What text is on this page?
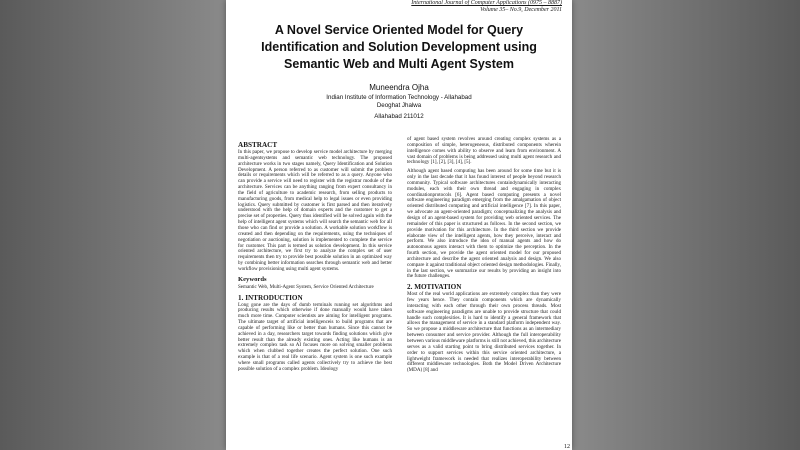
International Journal of Computer Applications (0975 – 8887)
Volume 35– No.9, December 2011
A Novel Service Oriented Model for Query Identification and Solution Development using Semantic Web and Multi Agent System
Muneendra Ojha
Indian Institute of Information Technology - Allahabad
Deoghat Jhalwa
Allahabad 211012
ABSTRACT
In this paper, we propose to develop service model architecture by merging multi-agentsystems and semantic web technology. The proposed architecture works in two stages namely, Query Identification and Solution Development. A person referred to as customer will submit the problem details or requirements which will be referred to as a query. Anyone who can provide a service will need to register with the registrar module of the architecture. Services can be anything ranging from expert consultancy in the field of agriculture to academic research, from selling products to manufacturing goods, from medical help to legal issues or even providing logistics. Query submitted by customer is first parsed and then iteratively understood with the help of domain experts and the customer to get a precise set of properties. Query thus identified will be solved again with the help of intelligent agent systems which will search the semantic web for all those who can find or provide a solution. A workable solution workflow is created and then depending on the requirements, using the techniques of negotiation or auctioning, solution is implemented to complete the service for customer. This part is termed as solution development. In this service oriented architecture, we first try to analyze the complex set of user requirements then try to provide best possible solution in an optimized way by combining better information searches through semantic web and better workflow provisioning using multi agent systems.
Keywords
Semantic Web, Multi-Agent System, Service Oriented Architecture
1. INTRODUCTION
Long gone are the days of dumb terminals running set algorithms and producing results which otherwise if done manually would have taken much more time. Computer scientists are aiming for intelligent programs. The ultimate target of artificial intelligenceis to build programs that are capable of performing like or better than humans. Since this cannot be achieved in a day, researchers target towards finding solutions which give better result than the already existing ones. Acting like humans is an extremely complex task so AI focuses more on solving smaller problems which when clubbed together creates the perfect solution. One such example is that of a real life scenario. Agent system is one such example where small programs called agents collectively try to achieve the best possible solution of a complex problem. Ideology
of agent based system revolves around creating complex systems as a composition of simple, heterogeneous, distributed components wherein intelligence comes with ability to observe and learn from environment. A vast domain of problems is being addressed using multi agent research and technology [1], [2], [3], [4], [5].
Although agent based computing has been around for some time but it is only in the last decade that it has found interest of people beyond research community. Typical software architectures containdynamically interacting modules, each with their own thread and engaging in complex coordinationprotocols [6]. Agent based computing presents a novel software engineering paradigm emerging from the amalgamation of object oriented distributed computing and artificial intelligence [7]. In this paper, we advocate an agent-oriented paradigm; conceptualizing the analysis and design of an agent-based system for providing web oriented services. The remainder of this paper is structured as follows. In the second section, we provide motivation for this architecture. In the third section we provide elaborate view of the intelligent agents, how they perceive, interact and perform. We also introduce the idea of manual agents and how do autonomous agents interact with them to optimize the perception. In the fourth section, we provide the agent oriented model for our proposed architecture and describe the agent oriented analysis and design. We also compare it against traditional object oriented design methodologies. Finally, in the last section, we summarize our results by providing an insight into the future challenges.
2. MOTIVATION
Most of the real world applications are extremely complex than they were few years hence. They contain components which are dynamically interacting with each other through their own process threads. Most software engineering paradigms are unable to provide structure that could handle such complexities. It is hard to identify a general framework that allows the management of service in a standard platform independent way. So we propose a middleware architecture that functions as an intermediary between consumer and service provider. Although the full interoperability between various middleware platforms is still not achieved, this architecture serves as a valid starting point to bring distributed services together. In order to support services within this service oriented architecture, a lightweight framework is needed that realizes interoperability between different middleware technologies. Both the Model Driven Architecture (MDA) [8] and
12
